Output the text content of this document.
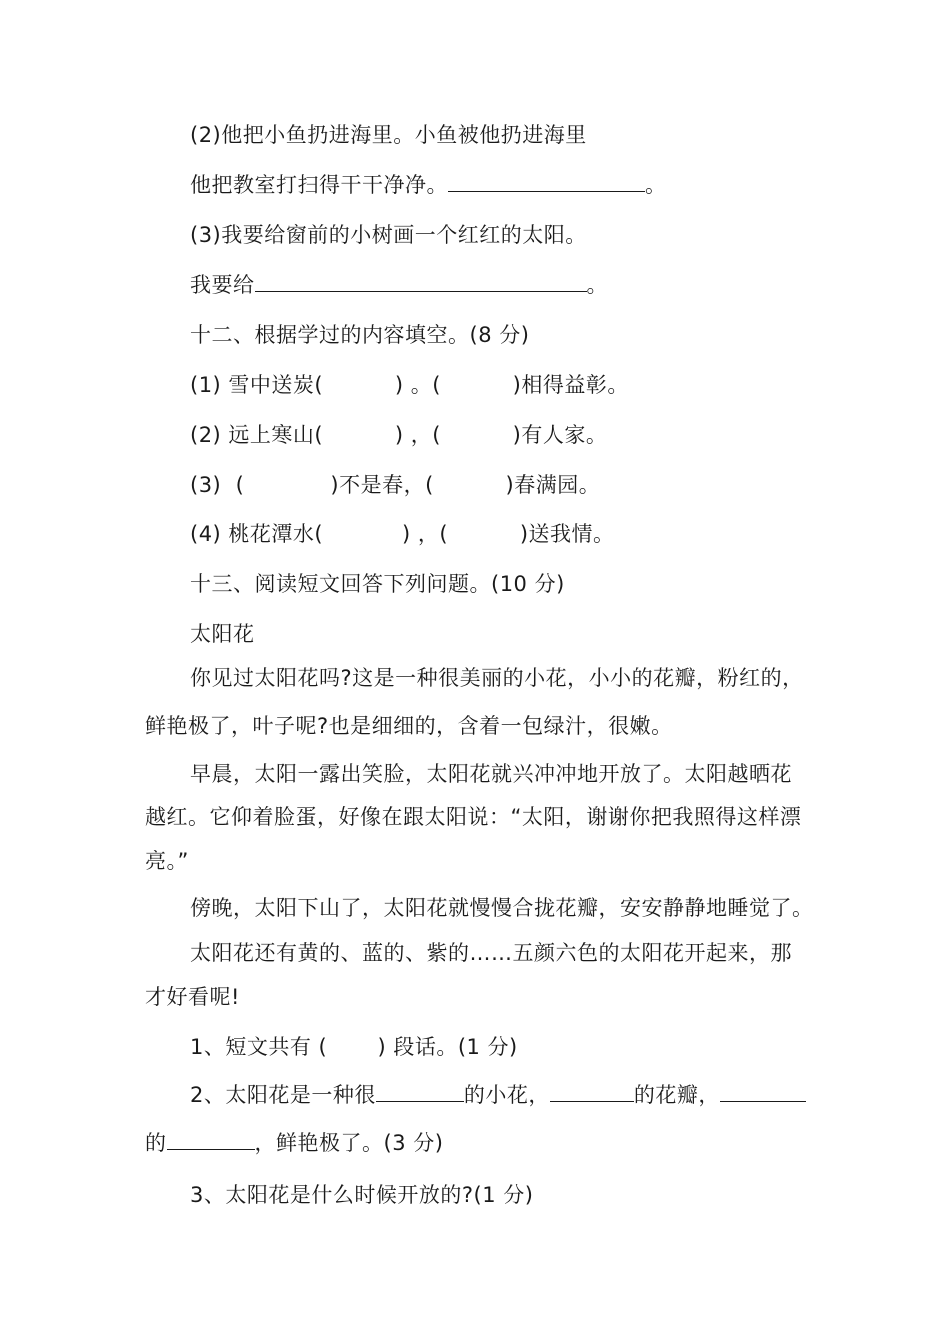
(2)他把小鱼扔进海里。小鱼被他扔进海里
他把教室打扫得干干净净。	。
(3)我要给窗前的小树画一个红红的太阳。
我要给	。
十二、根据学过的内容填空。(8 分)
(1) 雪中送炭(          ) 。(          )相得益彰。
(2) 远上寒山(          ) ，(          )有人家。
(3)  (            )不是春，(          )春满园。
(4) 桃花潭水(           ) ，(          )送我情。
十三、阅读短文回答下列问题。(10 分)
太阳花
你见过太阳花吗?这是一种很美丽的小花，小小的花瓣，粉红的，
鲜艳极了，叶子呢?也是细细的，含着一包绿汁，很嫩。
早晨，太阳一露出笑脸，太阳花就兴冲冲地开放了。太阳越晒花
越红。它仰着脸蛋，好像在跟太阳说：“太阳，谢谢你把我照得这样漂
亮。”
傍晚，太阳下山了，太阳花就慢慢合拢花瓣，安安静静地睡觉了。
太阳花还有黄的、蓝的、紫的……五颜六色的太阳花开起来，那
才好看呢!
1、短文共有 (       ) 段话。(1 分)
2、太阳花是一种很	的小花，	的花瓣，
的	，鲜艳极了。(3 分)
3、太阳花是什么时候开放的?(1 分)
